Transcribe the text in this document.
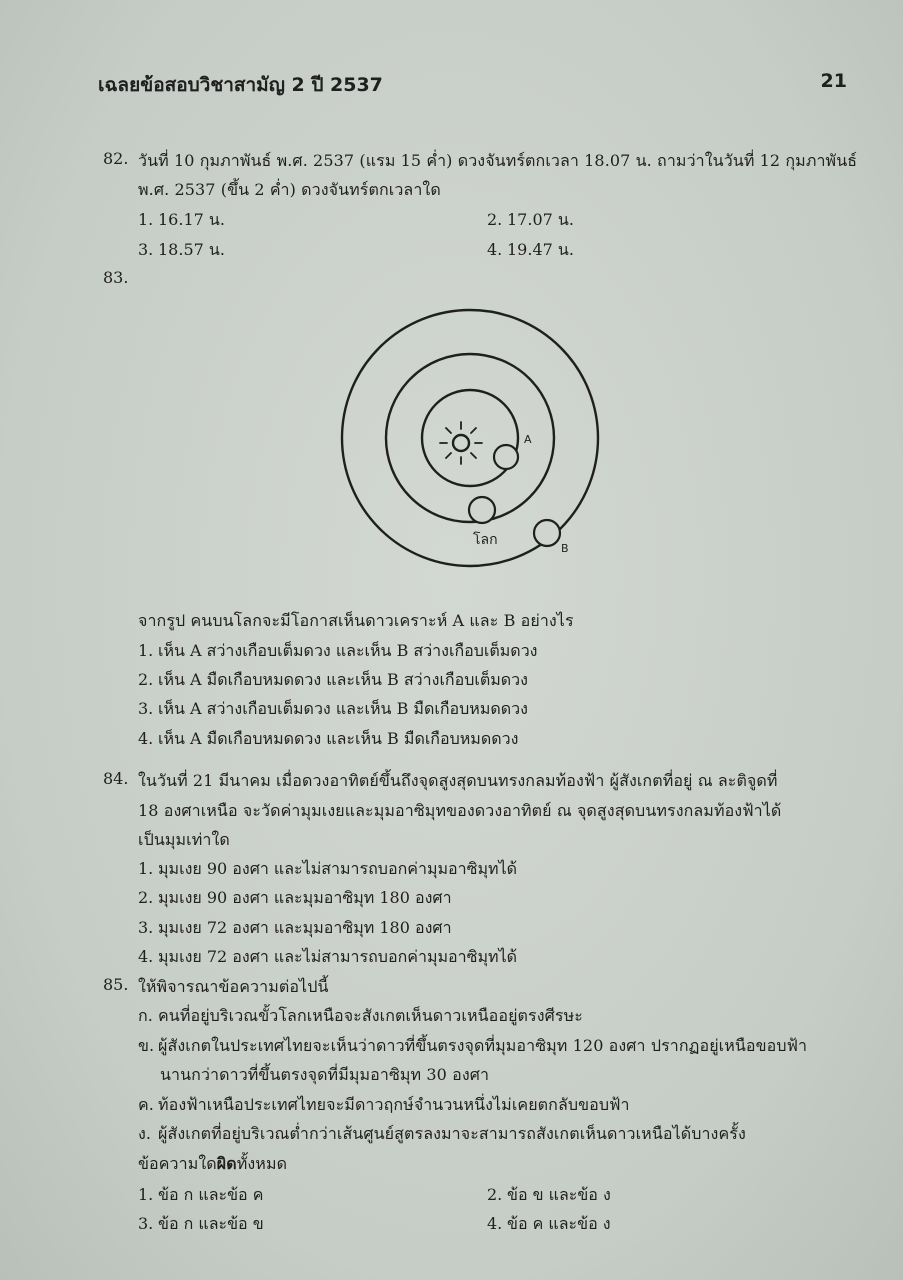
เฉลยข้อสอบวิชาสามัญ 2 ปี 2537	21
82. วันที่ 10 กุมภาพันธ์ พ.ศ. 2537 (แรม 15 ค่ำ) ดวงจันทร์ตกเวลา 18.07 น. ถามว่าในวันที่ 12 กุมภาพันธ์
พ.ศ. 2537 (ขึ้น 2 ค่ำ) ดวงจันทร์ตกเวลาใด
1. 16.17 น.	2. 17.07 น.
3. 18.57 น.	4. 19.47 น.
83.
A
โลก
B
จากรูป คนบนโลกจะมีโอกาสเห็นดาวเคราะห์ A และ B อย่างไร
1. เห็น A สว่างเกือบเต็มดวง และเห็น B สว่างเกือบเต็มดวง
2. เห็น A มืดเกือบหมดดวง และเห็น B สว่างเกือบเต็มดวง
3. เห็น A สว่างเกือบเต็มดวง และเห็น B มืดเกือบหมดดวง
4. เห็น A มืดเกือบหมดดวง และเห็น B มืดเกือบหมดดวง
84. ในวันที่ 21 มีนาคม เมื่อดวงอาทิตย์ขึ้นถึงจุดสูงสุดบนทรงกลมท้องฟ้า ผู้สังเกตที่อยู่ ณ ละติจูดที่
18 องศาเหนือ จะวัดค่ามุมเงยและมุมอาซิมุทของดวงอาทิตย์ ณ จุดสูงสุดบนทรงกลมท้องฟ้าได้
เป็นมุมเท่าใด
1. มุมเงย 90 องศา และไม่สามารถบอกค่ามุมอาซิมุทได้
2. มุมเงย 90 องศา และมุมอาซิมุท 180 องศา
3. มุมเงย 72 องศา และมุมอาซิมุท 180 องศา
4. มุมเงย 72 องศา และไม่สามารถบอกค่ามุมอาซิมุทได้
85. ให้พิจารณาข้อความต่อไปนี้
ก. คนที่อยู่บริเวณขั้วโลกเหนือจะสังเกตเห็นดาวเหนืออยู่ตรงศีรษะ
ข. ผู้สังเกตในประเทศไทยจะเห็นว่าดาวที่ขึ้นตรงจุดที่มุมอาซิมุท 120 องศา ปรากฏอยู่เหนือขอบฟ้า
นานกว่าดาวที่ขึ้นตรงจุดที่มีมุมอาซิมุท 30 องศา
ค. ท้องฟ้าเหนือประเทศไทยจะมีดาวฤกษ์จำนวนหนึ่งไม่เคยตกลับขอบฟ้า
ง. ผู้สังเกตที่อยู่บริเวณต่ำกว่าเส้นศูนย์สูตรลงมาจะสามารถสังเกตเห็นดาวเหนือได้บางครั้ง
ข้อความใดผิดทั้งหมด
1. ข้อ ก และข้อ ค	2. ข้อ ข และข้อ ง
3. ข้อ ก และข้อ ข	4. ข้อ ค และข้อ ง
